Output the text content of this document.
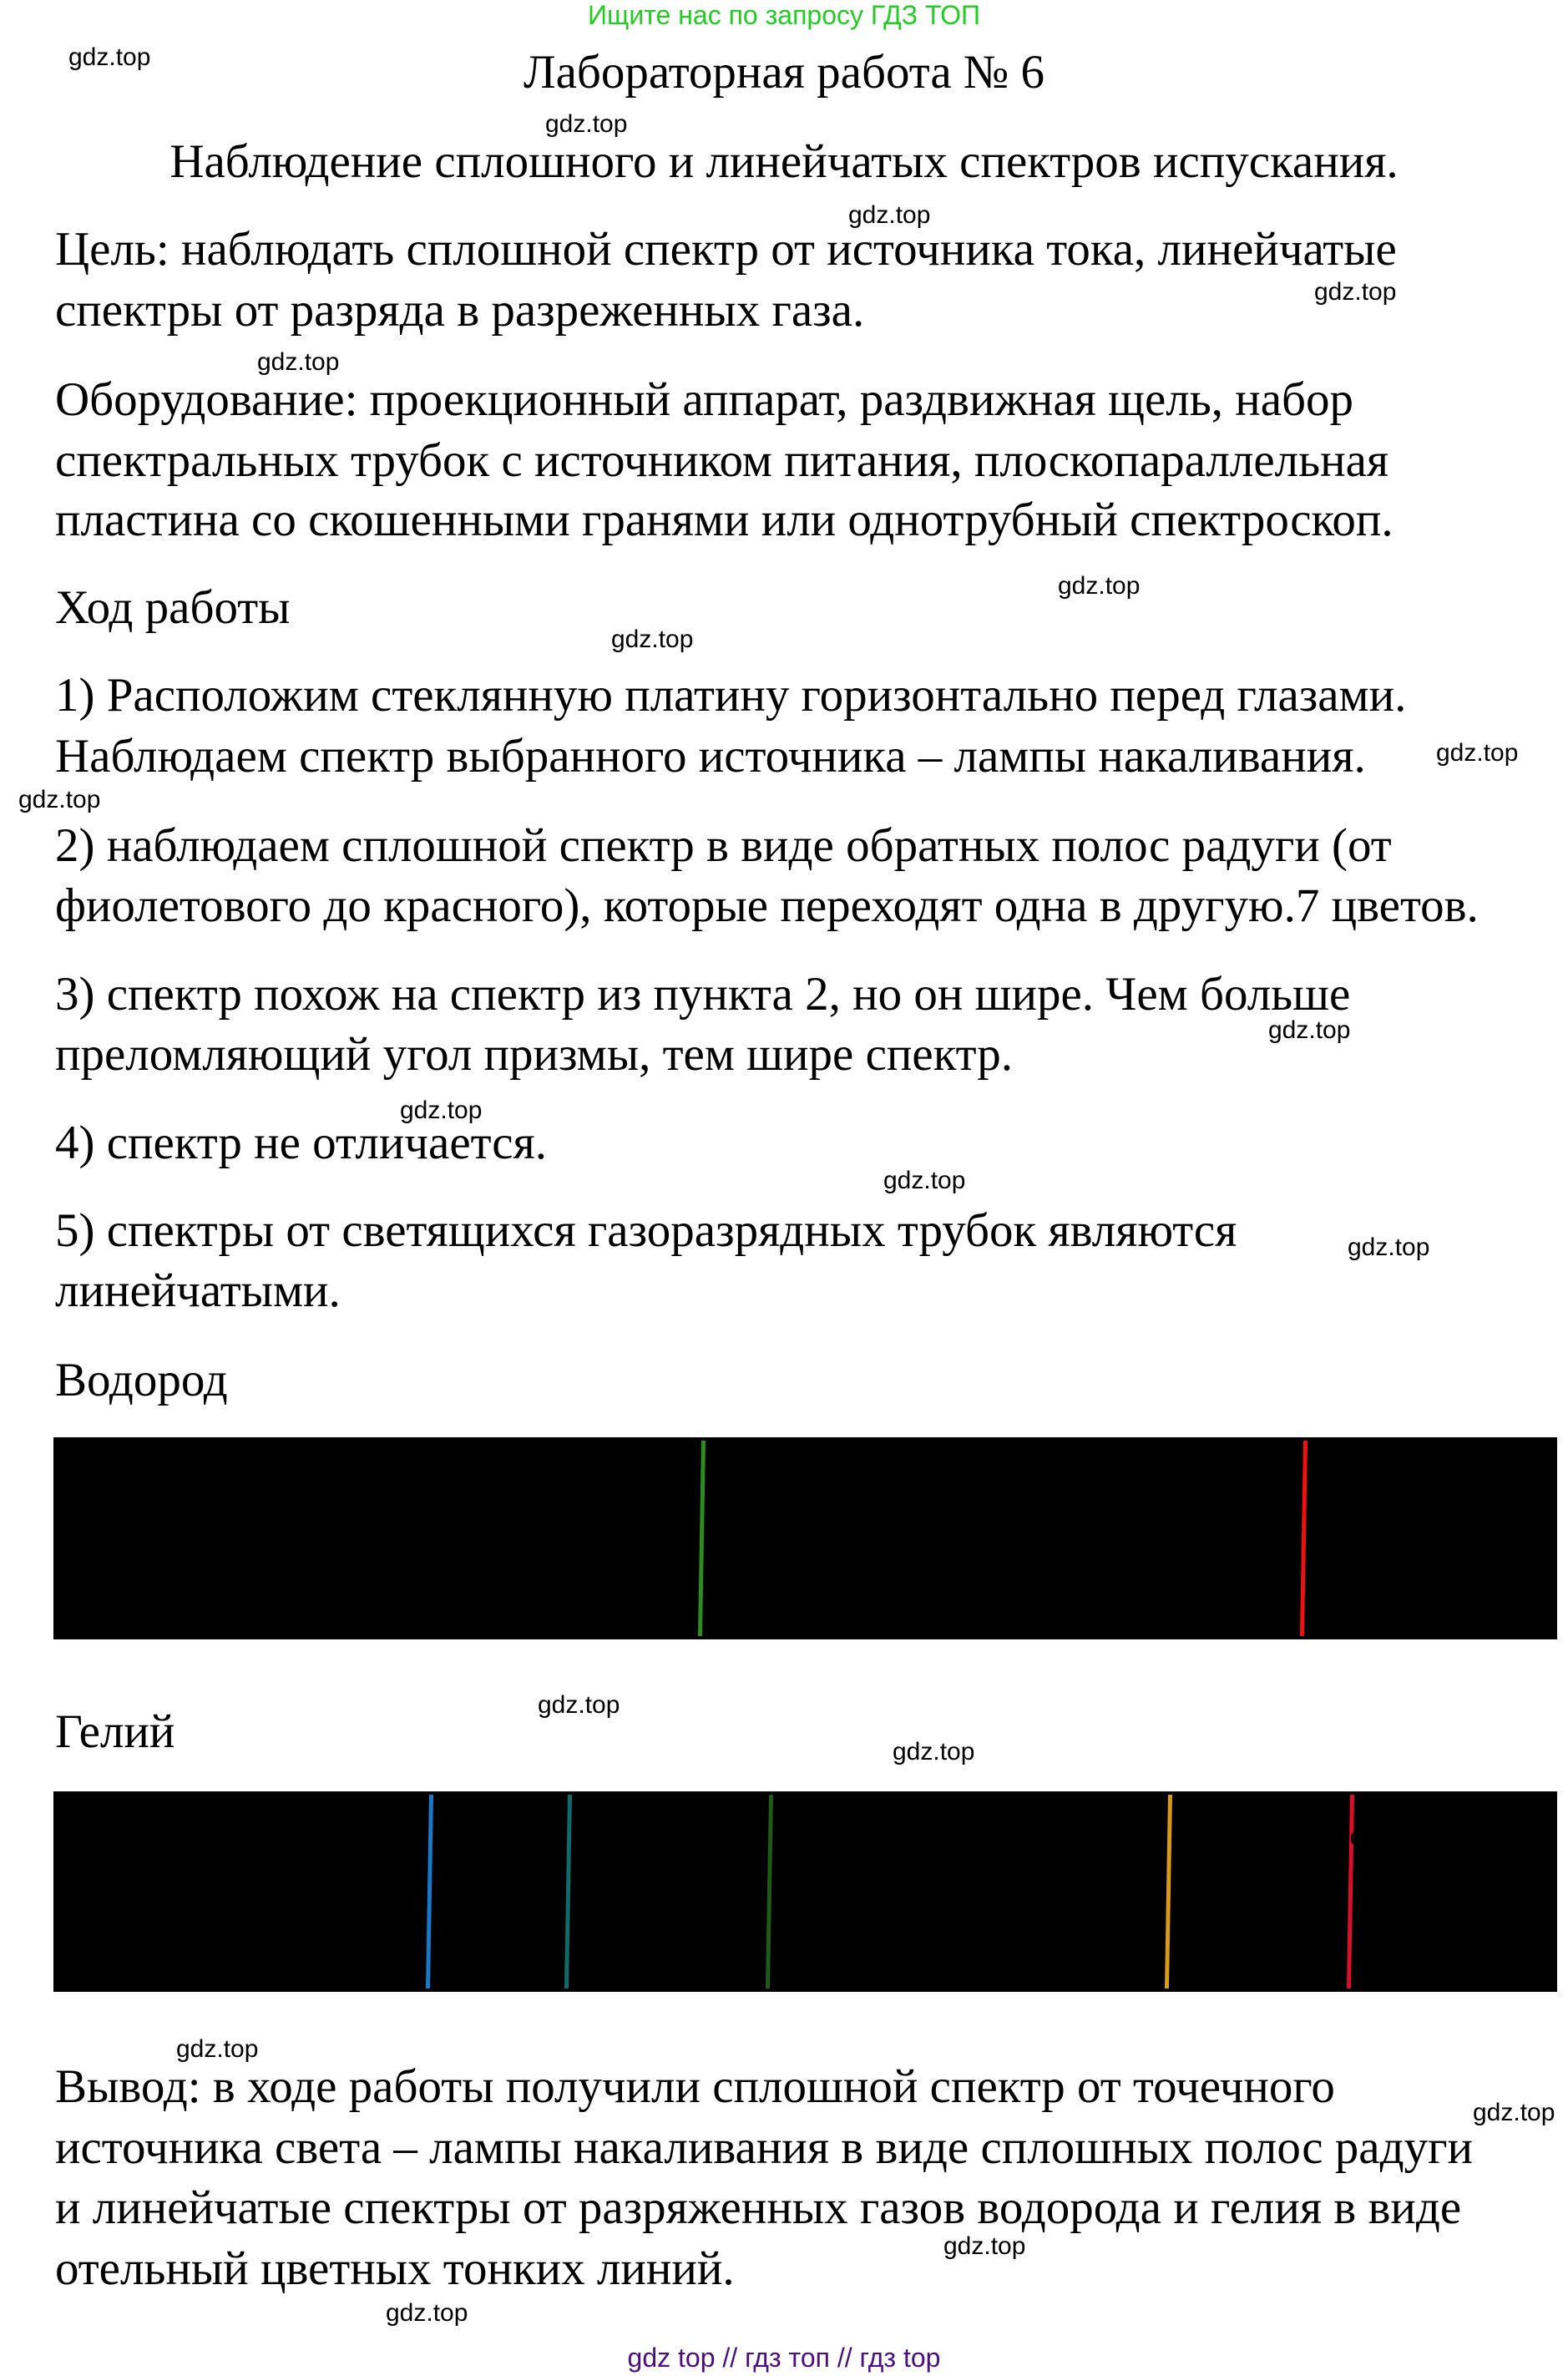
Ищите нас по запросу ГДЗ ТОП
Лабораторная работа № 6
Наблюдение сплошного и линейчатых спектров испускания.
Цель: наблюдать сплошной спектр от источника тока, линейчатые
спектры от разряда в разреженных газа.
Оборудование: проекционный аппарат, раздвижная щель, набор
спектральных трубок с источником питания, плоскопараллельная
пластина со скошенными гранями или однотрубный спектроскоп.
Ход работы
1) Расположим стеклянную платину горизонтально перед глазами.
Наблюдаем спектр выбранного источника – лампы накаливания.
2) наблюдаем сплошной спектр в виде обратных полос радуги (от
фиолетового до красного), которые переходят одна в другую.7 цветов.
3) спектр похож на спектр из пункта 2, но он шире. Чем больше
преломляющий угол призмы, тем шире спектр.
4) спектр не отличается.
5) спектры от светящихся газоразрядных трубок являются
линейчатыми.
Водород
Гелий
Вывод: в ходе работы получили сплошной спектр от точечного
источника света – лампы накаливания в виде сплошных полос радуги
и линейчатые спектры от разряженных газов водорода и гелия в виде
отельный цветных тонких линий.
gdz.top
gdz.top
gdz.top
gdz.top
gdz.top
gdz.top
gdz.top
gdz.top
gdz.top
gdz.top
gdz.top
gdz.top
gdz.top
gdz.top
gdz.top
gdz.top
gdz.top
gdz.top
gdz.top
gdz.top
gdz top // гдз топ // гдз top
